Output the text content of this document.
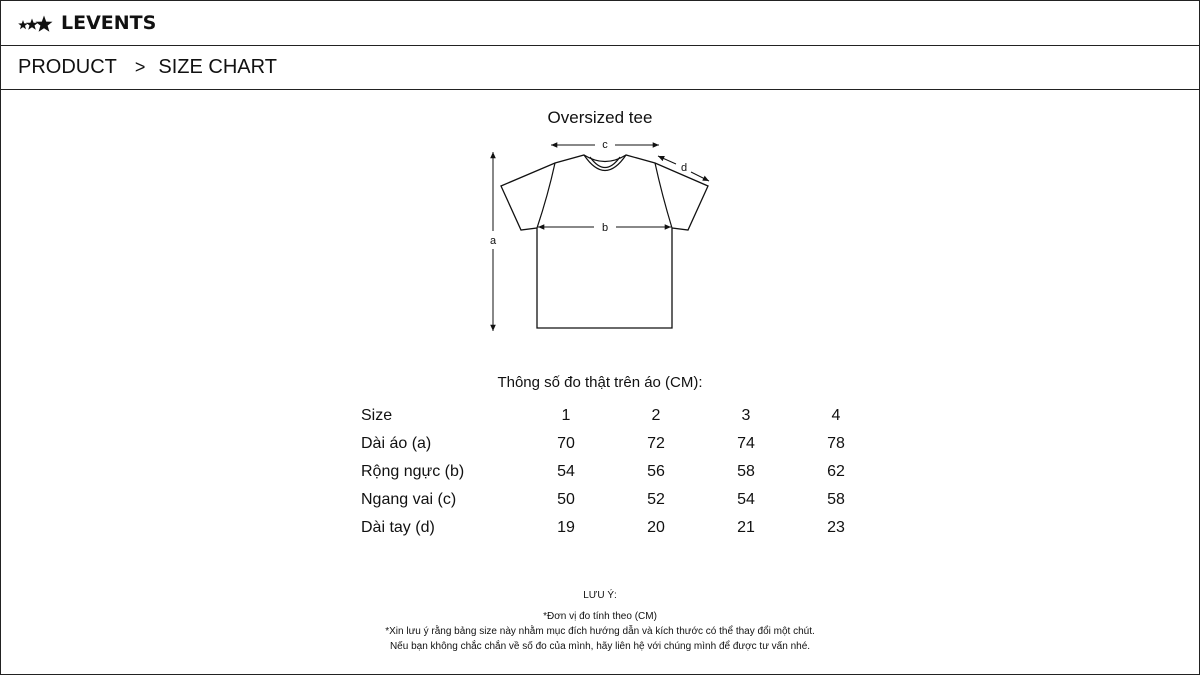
LEVENTS
PRODUCT > SIZE CHART
Oversized tee
a
b
c
d
Thông số đo thật trên áo (CM):
Size	1	2	3	4
Dài áo (a)	70	72	74	78
Rộng ngực (b)	54	56	58	62
Ngang vai (c)	50	52	54	58
Dài tay (d)	19	20	21	23
LƯU Ý:
*Đơn vị đo tính theo (CM)
*Xin lưu ý rằng bảng size này nhằm mục đích hướng dẫn và kích thước có thể thay đổi một chút.
Nếu bạn không chắc chắn về số đo của mình, hãy liên hệ với chúng mình để được tư vấn nhé.
